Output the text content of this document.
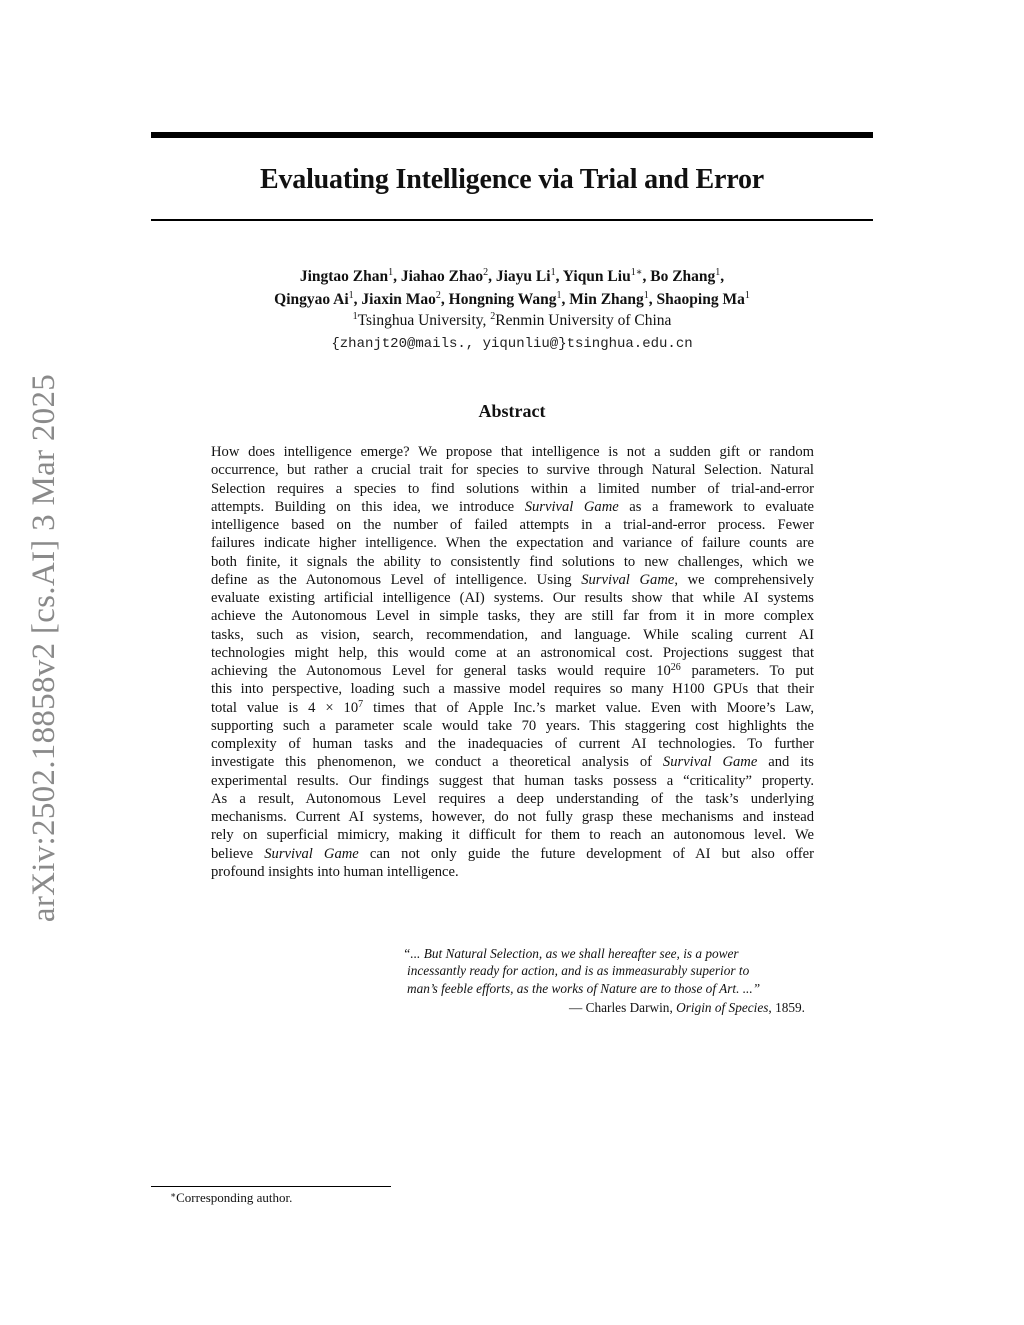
arXiv:2502.18858v2 [cs.AI] 3 Mar 2025
Evaluating Intelligence via Trial and Error
Jingtao Zhan$^1$, Jiahao Zhao$^2$, Jiayu Li$^1$, Yiqun Liu$^{1∗}$, Bo Zhang$^1$,
Qingyao Ai$^1$, Jiaxin Mao$^2$, Hongning Wang$^1$, Min Zhang$^1$, Shaoping Ma$^1$
$^1$Tsinghua University, $^2$Renmin University of China
{zhanjt20@mails., yiqunliu@}tsinghua.edu.cn
Abstract
How does intelligence emerge? We propose that intelligence is not a sudden gift or random
occurrence, but rather a crucial trait for species to survive through Natural Selection. Natural
Selection requires a species to find solutions within a limited number of trial-and-error
attempts. Building on this idea, we introduce Survival Game as a framework to evaluate
intelligence based on the number of failed attempts in a trial-and-error process. Fewer
failures indicate higher intelligence. When the expectation and variance of failure counts are
both finite, it signals the ability to consistently find solutions to new challenges, which we
define as the Autonomous Level of intelligence. Using Survival Game, we comprehensively
evaluate existing artificial intelligence (AI) systems. Our results show that while AI systems
achieve the Autonomous Level in simple tasks, they are still far from it in more complex
tasks, such as vision, search, recommendation, and language. While scaling current AI
technologies might help, this would come at an astronomical cost. Projections suggest that
achieving the Autonomous Level for general tasks would require $10^{26}$ parameters. To put
this into perspective, loading such a massive model requires so many H100 GPUs that their
total value is $4 \times 10^7$ times that of Apple Inc.’s market value. Even with Moore’s Law,
supporting such a parameter scale would take 70 years. This staggering cost highlights the
complexity of human tasks and the inadequacies of current AI technologies. To further
investigate this phenomenon, we conduct a theoretical analysis of Survival Game and its
experimental results. Our findings suggest that human tasks possess a “criticality” property.
As a result, Autonomous Level requires a deep understanding of the task’s underlying
mechanisms. Current AI systems, however, do not fully grasp these mechanisms and instead
rely on superficial mimicry, making it difficult for them to reach an autonomous level. We
believe Survival Game can not only guide the future development of AI but also offer
profound insights into human intelligence.
“... But Natural Selection, as we shall hereafter see, is a power
incessantly ready for action, and is as immeasurably superior to
man’s feeble efforts, as the works of Nature are to those of Art. ...”
— Charles Darwin, Origin of Species, 1859.
∗Corresponding author.
